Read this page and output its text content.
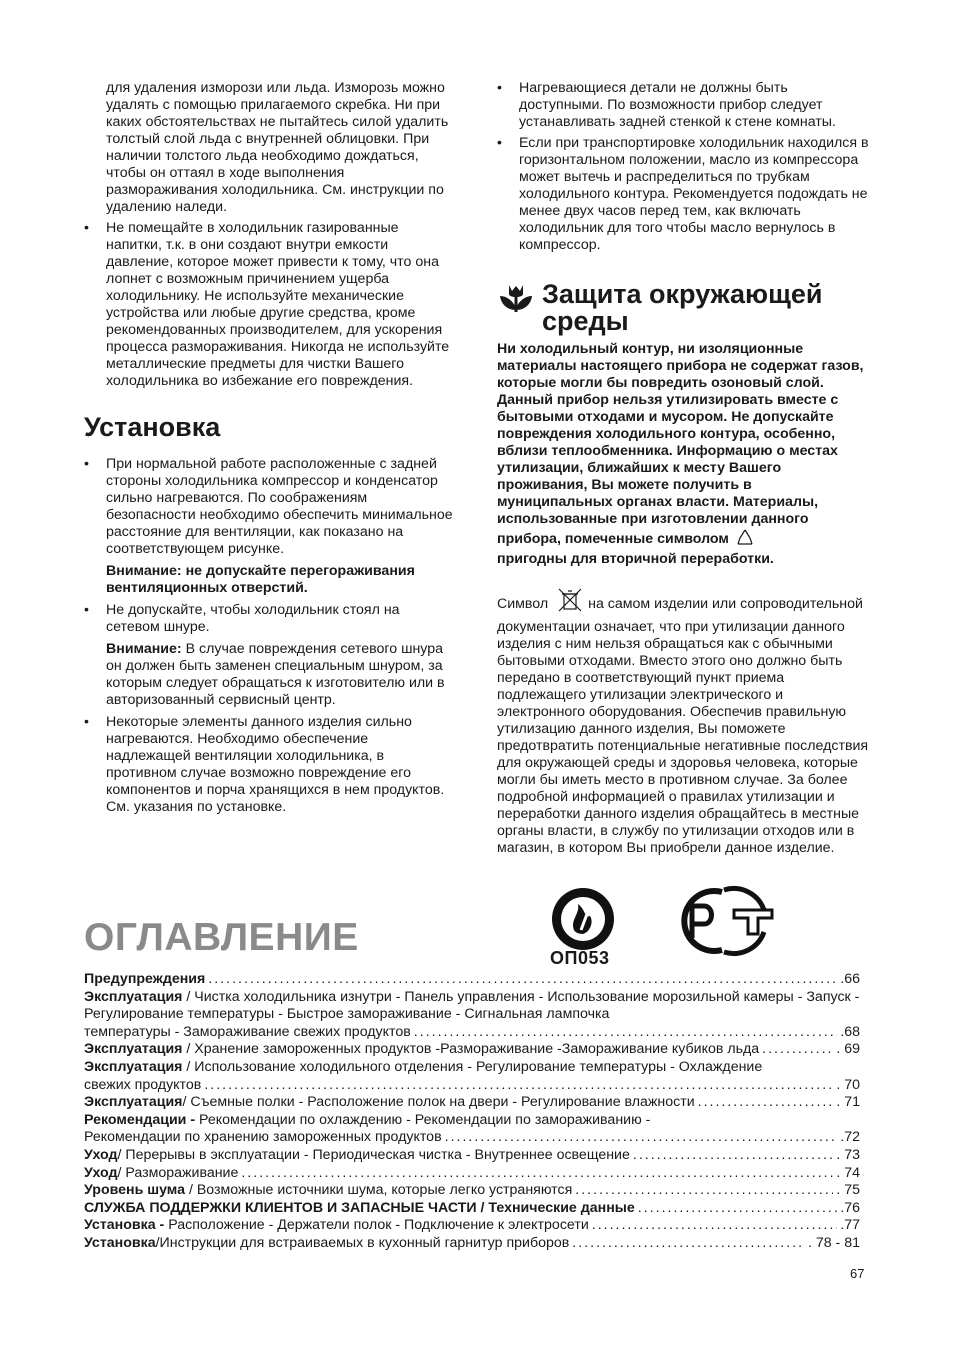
для удаления изморози или льда. Изморозь можно удалять с помощью прилагаемого скребка. Ни при каких обстоятельствах не пытайтесь силой удалить толстый слой льда с внутренней облицовки. При наличии толстого льда необходимо дождаться, чтобы он оттаял в ходе выполнения размораживания холодильника. См. инструкции по удалению наледи.

• Не помещайте в холодильник газированные напитки, т.к. в они создают внутри емкости давление, которое может привести к тому, что она лопнет с возможным причинением ущерба холодильнику. Не используйте механические устройства или любые другие средства, кроме рекомендованных производителем, для ускорения процесса размораживания. Никогда не используйте металлические предметы для чистки Вашего холодильника во избежание его повреждения.

Установка

• При нормальной работе расположенные с задней стороны холодильника компрессор и конденсатор сильно нагреваются. По соображениям безопасности необходимо обеспечить минимальное расстояние для вентиляции, как показано на соответствующем рисунке.

Внимание: не допускайте перегораживания вентиляционных отверстий.

• Не допускайте, чтобы холодильник стоял на сетевом шнуре.

Внимание: В случае повреждения сетевого шнура он должен быть заменен специальным шнуром, за которым следует обращаться к изготовителю или в авторизованный сервисный центр.

• Некоторые элементы данного изделия сильно нагреваются. Необходимо обеспечение надлежащей вентиляции холодильника, в противном случае возможно повреждение его компонентов и порча хранящихся в нем продуктов. См. указания по установке.

• Нагревающиеся детали не должны быть доступными. По возможности прибор следует устанавливать задней стенкой к стене комнаты.

• Если при транспортировке холодильник находился в горизонтальном положении, масло из компрессора может вытечь и распределиться по трубкам холодильного контура. Рекомендуется подождать не менее двух часов перед тем, как включать холодильник для того чтобы масло вернулось в компрессор.

Защита окружающей
среды

Ни холодильный контур, ни изоляционные материалы настоящего прибора не содержат газов, которые могли бы повредить озоновый слой. Данный прибор нельзя утилизировать вместе с бытовыми отходами и мусором. Не допускайте повреждения холодильного контура, особенно, вблизи теплообменника. Информацию о местах утилизации, ближайших к месту Вашего проживания, Вы можете получить в муниципальных органах власти. Материалы, использованные при изготовлении данного прибора, помеченные символом
пригодны для вторичной переработки.

Символ	на самом изделии или сопроводительной документации означает, что при утилизации данного изделия с ним нельзя обращаться как с обычными бытовыми отходами. Вместо этого оно должно быть передано в соответствующий пункт приема подлежащего утилизации электрического и электронного оборудования. Обеспечив правильную утилизацию данного изделия, Вы поможете предотвратить потенциальные негативные последствия для окружающей среды и здоровья человека, которые могли бы иметь место в противном случае. За более подробной информацией о правилах утилизации и переработки данного изделия обращайтесь в местные органы власти, в службу по утилизации отходов или в магазин, в котором Вы приобрели данное изделие.

ОП053
ОГЛАВЛЕНИЕ
Предупреждения .....	.66
Эксплуатация / Чистка холодильника изнутри - Панель управления - Использование морозильной камеры - Запуск - Регулирование температуры - Быстрое замораживание - Сигнальная лампочка
температуры - Замораживание свежих продуктов .....	.68
Эксплуатация / Хранение замороженных продуктов -Размораживание -Замораживание кубиков льда .....	. 69
Эксплуатация / Использование холодильного отделения - Регулирование температуры - Охлаждение
свежих продуктов .....	. 70
Эксплуатация/ Съемные полки - Расположение полок на двери - Регулирование влажности .....	. 71
Рекомендации - Рекомендации по охлаждению - Рекомендации по замораживанию -
Рекомендации по хранению замороженных продуктов .....	.72
Уход/ Перерывы в эксплуатации - Периодическая чистка - Внутреннее освещение .....	. 73
Уход/ Размораживание .....	. 74
Уровень шума / Возможные источники шума, которые легко устраняются .....	. 75
СЛУЖБА ПОДДЕРЖКИ КЛИЕНТОВ И ЗАПАСНЫЕ ЧАСТИ / Технические данные .....	.76
Установка - Расположение - Держатели полок - Подключение к электросети .....	.77
Установка/Инструкции для встраиваемых в кухонный гарнитур приборов .....	. 78 - 81
67
